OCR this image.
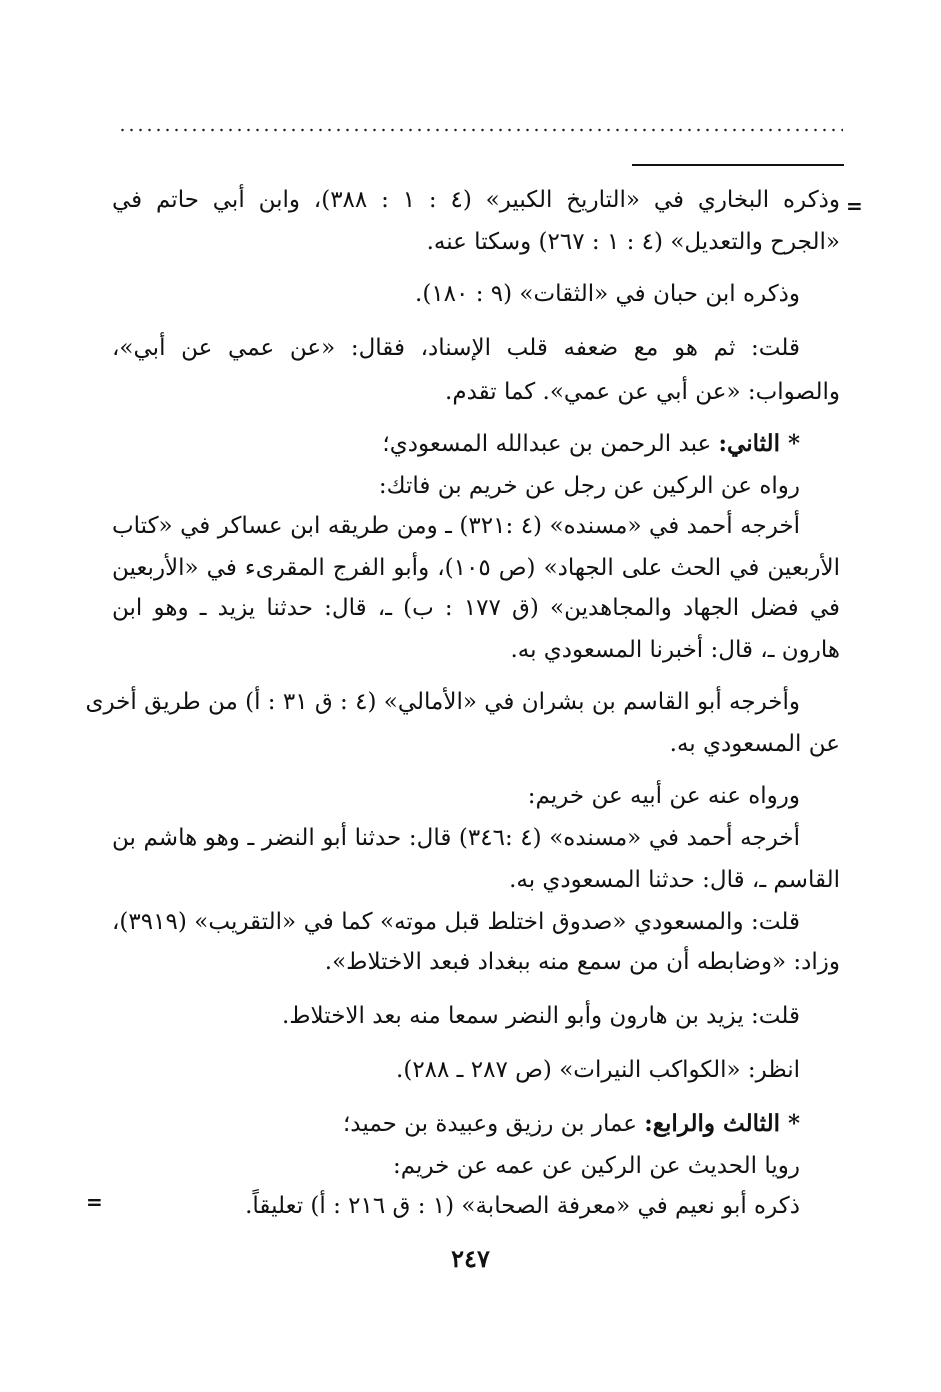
=
=
وذكره البخاري في «التاريخ الكبير» (٤ : ١ : ٣٨٨)، وابن أبي حاتم في
«الجرح والتعديل» (٤ : ١ : ٢٦٧) وسكتا عنه.
وذكره ابن حبان في «الثقات» (٩ : ١٨٠).
قلت: ثم هو مع ضعفه قلب الإسناد، فقال: «عن عمي عن أبي»،
والصواب: «عن أبي عن عمي». كما تقدم.
* الثاني: عبد الرحمن بن عبدالله المسعودي؛
رواه عن الركين عن رجل عن خريم بن فاتك:
أخرجه أحمد في «مسنده» (٤ :٣٢١) ـ ومن طريقه ابن عساكر في «كتاب
الأربعين في الحث على الجهاد» (ص ١٠٥)، وأبو الفرج المقرىء في «الأربعين
في فضل الجهاد والمجاهدين» (ق ١٧٧ : ب) ـ، قال: حدثنا يزيد ـ وهو ابن
هارون ـ، قال: أخبرنا المسعودي به.
وأخرجه أبو القاسم بن بشران في «الأمالي» (٤ : ق ٣١ : أ) من طريق أخرى
عن المسعودي به.
ورواه عنه عن أبيه عن خريم:
أخرجه أحمد في «مسنده» (٤ :٣٤٦) قال: حدثنا أبو النضر ـ وهو هاشم بن
القاسم ـ، قال: حدثنا المسعودي به.
قلت: والمسعودي «صدوق اختلط قبل موته» كما في «التقريب» (٣٩١٩)،
وزاد: «وضابطه أن من سمع منه ببغداد فبعد الاختلاط».
قلت: يزيد بن هارون وأبو النضر سمعا منه بعد الاختلاط.
انظر: «الكواكب النيرات» (ص ٢٨٧ ـ ٢٨٨).
* الثالث والرابع: عمار بن رزيق وعبيدة بن حميد؛
رويا الحديث عن الركين عن عمه عن خريم:
ذكره أبو نعيم في «معرفة الصحابة» (١ : ق ٢١٦ : أ) تعليقاً.
٢٤٧
